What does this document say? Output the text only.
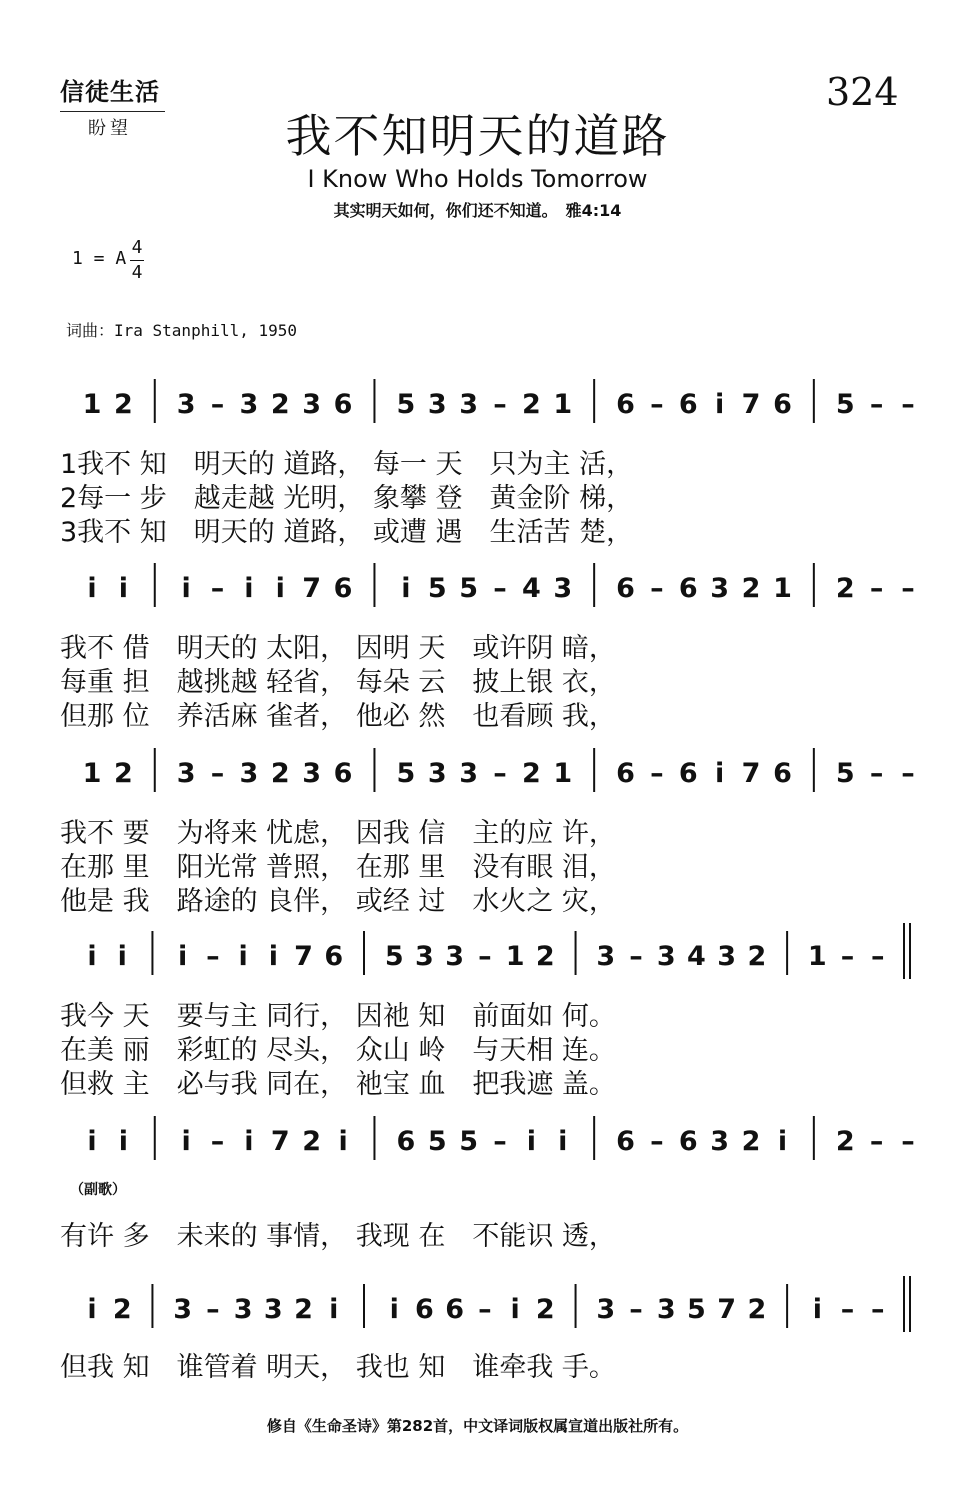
信徒生活
盼望
324
我不知明天的道路
I Know Who Holds Tomorrow
其实明天如何，你们还不知道。　雅4:14
1 = A
4
4
词曲：Ira Stanphill, 1950
1 2 3 – 3 2 3 6 5 3 3 – 2 1 6 – 6 i 7 6 5 – –
1我不 知　明天的 道路， 每一 天　只为主 活，
2每一 步　越走越 光明， 象攀 登　黄金阶 梯，
3我不 知　明天的 道路， 或遭 遇　生活苦 楚，
i i i – i i 7 6 i 5 5 – 4 3 6 – 6 3 2 1 2 – –
我不 借　明天的 太阳， 因明 天　或许阴 暗，
每重 担　越挑越 轻省， 每朵 云　披上银 衣，
但那 位　养活麻 雀者， 他必 然　也看顾 我，
1 2 3 – 3 2 3 6 5 3 3 – 2 1 6 – 6 i 7 6 5 – –
我不 要　为将来 忧虑， 因我 信　主的应 许，
在那 里　阳光常 普照， 在那 里　没有眼 泪，
他是 我　路途的 良伴， 或经 过　水火之 灾，
i i i – i i 7 6 5 3 3 – 1 2 3 – 3 4 3 2 1 – –
我今 天　要与主 同行， 因祂 知　前面如 何。
在美 丽　彩虹的 尽头， 众山 岭　与天相 连。
但救 主　必与我 同在， 祂宝 血　把我遮 盖。
i i i – i 7 2 i 6 5 5 – i i 6 – 6 3 2 i 2 – –
（副歌）
有许 多　未来的 事情， 我现 在　不能识 透，
i 2 3 – 3 3 2 i i 6 6 – i 2 3 – 3 5 7 2 i – –
但我 知　谁管着 明天， 我也 知　谁牵我 手。
修自《生命圣诗》第282首，中文译词版权属宣道出版社所有。
